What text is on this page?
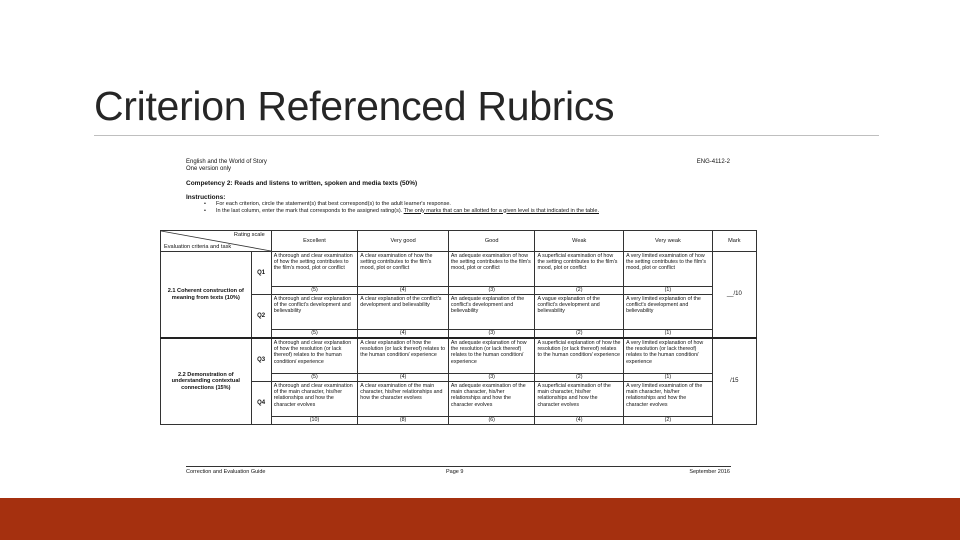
Criterion Referenced Rubrics
English and the World of Story
One version only
ENG-4112-2
Competency 2: Reads and listens to written, spoken and media texts (50%)
Instructions:
• For each criterion, circle the statement(s) that best correspond(s) to the adult learner's response.
• In the last column, enter the mark that corresponds to the assigned rating(s). The only marks that can be allotted for a given level is that indicated in the table.
Rating scale
Evaluation criteria and task		Excellent	Very good	Good	Weak	Very weak	Mark
2.1 Coherent construction of meaning from texts (10%)	Q1	A thorough and clear examination of how the setting contributes to the film's mood, plot or conflict	A clear examination of how the setting contributes to the film's mood, plot or conflict	An adequate examination of how the setting contributes to the film's mood, plot or conflict	A superficial examination of how the setting contributes to the film's mood, plot or conflict	A very limited examination of how the setting contributes to the film's mood, plot or conflict	__/10
		(5)	(4)	(3)	(2)	(1)	
	Q2	A thorough and clear explanation of the conflict's development and believability	A clear explanation of the conflict's development and believability	An adequate explanation of the conflict's development and believability	A vague explanation of the conflict's development and believability	A very limited explanation of the conflict's development and believability	
		(5)	(4)	(3)	(2)	(1)	
2.2 Demonstration of understanding contextual connections (15%)	Q3	A thorough and clear explanation of how the resolution (or lack thereof) relates to the human condition/ experience	A clear explanation of how the resolution (or lack thereof) relates to the human condition/ experience	An adequate explanation of how the resolution (or lack thereof) relates to the human condition/ experience	A superficial explanation of how the resolution (or lack thereof) relates to the human condition/ experience	A very limited explanation of how the resolution (or lack thereof) relates to the human condition/ experience	/15
		(5)	(4)	(3)	(2)	(1)	
	Q4	A thorough and clear examination of the main character, his/her relationships and how the character evolves	A clear examination of the main character, his/her relationships and how the character evolves	An adequate examination of the main character, his/her relationships and how the character evolves	A superficial examination of the main character, his/her relationships and how the character evolves	A very limited examination of the main character, his/her relationships and how the character evolves	
		(10)	(8)	(6)	(4)	(2)	
Correction and Evaluation Guide	Page 9	September 2016
